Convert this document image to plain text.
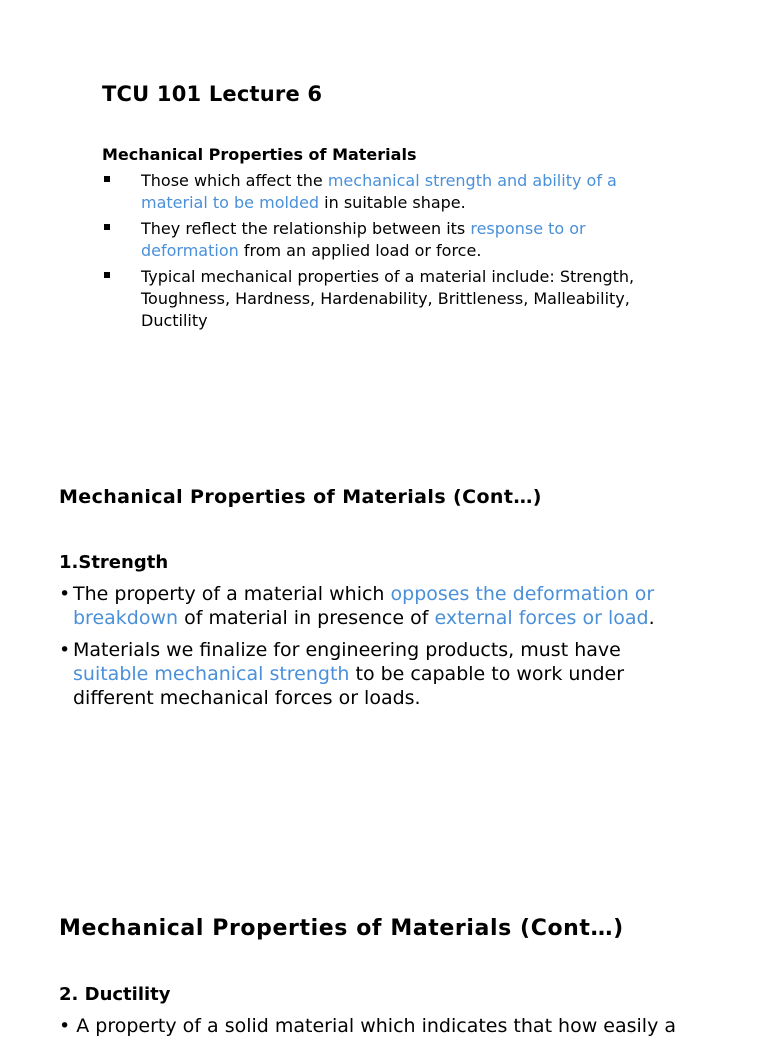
TCU 101 Lecture 6
Mechanical Properties of Materials
Those which affect the mechanical strength and ability of a material to be molded in suitable shape.
They reflect the relationship between its response to or deformation from an applied load or force.
Typical mechanical properties of a material include: Strength, Toughness, Hardness, Hardenability, Brittleness, Malleability, Ductility
Mechanical Properties of Materials (Cont…)
1.Strength
• The property of a material which opposes the deformation or breakdown of material in presence of external forces or load.
• Materials we finalize for engineering products, must have suitable mechanical strength to be capable to work under different mechanical forces or loads.
Mechanical Properties of Materials (Cont…)
2. Ductility
• A property of a solid material which indicates that how easily a
